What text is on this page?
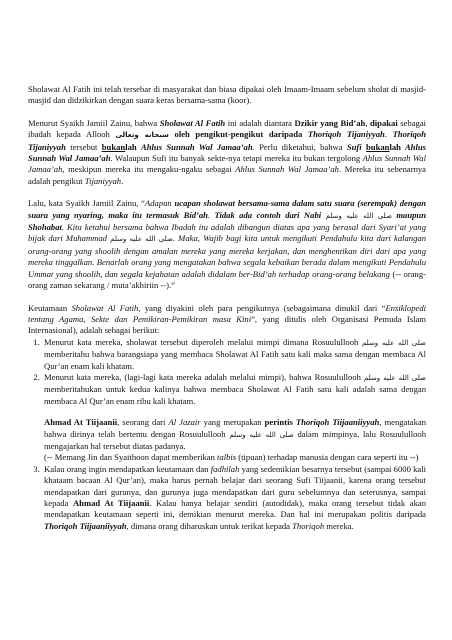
Sholawat Al Fatih ini telah tersebar di masyarakat dan biasa dipakai oleh Imaam-Imaam sebelum sholat di masjid-masjid dan didzikirkan dengan suara keras bersama-sama (koor).

Menurut Syaikh Jamiil Zainu, bahwa Sholawat Al Fatih ini adalah diantara Dzikir yang Bid’ah, dipakai sebagai ibadah kepada Allooh سبحانه وتعالى oleh pengikut-pengikut daripada Thoriqoh Tijaniyyah. Thoriqoh Tijaniyyah tersebut bukanlah Ahlus Sunnah Wal Jamaa’ah. Perlu diketahui, bahwa Sufi bukanlah Ahlus Sunnah Wal Jamaa’ah. Walaupun Sufi itu banyak sekte-nya tetapi mereka itu bukan tergolong Ahlus Sunnah Wal Jamaa’ah, meskipun mereka itu mengaku-ngaku sebagai Ahlus Sunnah Wal Jamaa’ah. Mereka itu sebenarnya adalah pengikut Tijaniyyah.

Lalu, kata Syaikh Jamiil Zainu, “Adapun ucapan sholawat bersama-sama dalam satu suara (serempak) dengan suara yang nyaring, maka itu termasuk Bid’ah. Tidak ada contoh dari Nabi صلى الله عليه وسلم maupun Shohabat. Kita ketahui bersama bahwa Ibadah itu adalah dibangun diatas apa yang berasal dari Syari’at yang bijak dari Muhammad صلى الله عليه وسلم. Maka, Wajib bagi kita untuk mengikuti Pendahulu kita dari kalangan orang-orang yang shoolih dengan amalan mereka yang mereka kerjakan, dan menghentikan diri dari apa yang mereka tinggalkan. Benarlah orang yang mengatakan bahwa segala kebaikan berada dalam mengikuti Pendahulu Ummat yang shoolih, dan segala kejahatan adalah didalam ber-Bid’ah terhadap orang-orang belakang (-- orang-orang zaman sekarang / muta’akhiriin --).”

Keutamaan Sholawat Al Fatih, yang diyakini oleh para pengikutnya (sebagaimana dinukil dari “Ensiklopedi tentang Agama, Sekte dan Pemikiran-Pemikiran masa Kini”, yang ditulis oleh Organisasi Pemuda Islam Internasional), adalah sebagai berikut:

1. Menurut kata mereka, sholawat tersebut diperoleh melalui mimpi dimana Rosuulullooh صلى الله عليه وسلم memberitahu bahwa barangsiapa yang membaca Sholawat Al Fatih satu kali maka sama dengan membaca Al Qur’an enam kali khatam.
2. Menurut kata mereka, (lagi-lagi kata mereka adalah melalui mimpi), bahwa Rosuulullooh صلى الله عليه وسلم memberitahukan untuk kedua kalinya bahwa membaca Sholawat Al Fatih satu kali adalah sama dengan membaca Al Qur’an enam ribu kali khatam.
Ahmad At Tiijaanii, seorang dari Al Jazair yang merupakan perintis Thoriqoh Tiijaaniiyyah, mengatakan bahwa dirinya telah bertemu dengan Rosuulullooh صلى الله عليه وسلم dalam mimpinya, lalu Rosuulullooh mengajarkan hal tersebut diatas padanya.
(-- Memang Jin dan Syaithoon dapat memberikan talbis (tipuan) terhadap manusia dengan cara seperti itu --)
3. Kalau orang ingin mendapatkan keutamaan dan fadhilah yang sedemikian besarnya tersebut (sampai 6000 kali khataam bacaan Al Qur’an), maka harus pernah belajar dari seorang Sufi Tiijaanii, karena orang tersebut mendapatkan dari gurunya, dan gurunya juga mendapatkan dari guru sebelumnya dan seterusnya, sampai kepada Ahmad At Tiijaanii. Kalau hanya belajar sendiri (autodidak), maka orang tersebut tidak akan mendapatkan keutamaan seperti ini, demikian menurut mereka. Dan hal ini merupakan politis daripada Thoriqoh Tiijaaniiyyah, dimana orang diharuskan untuk terikat kepada Thoriqoh mereka.
